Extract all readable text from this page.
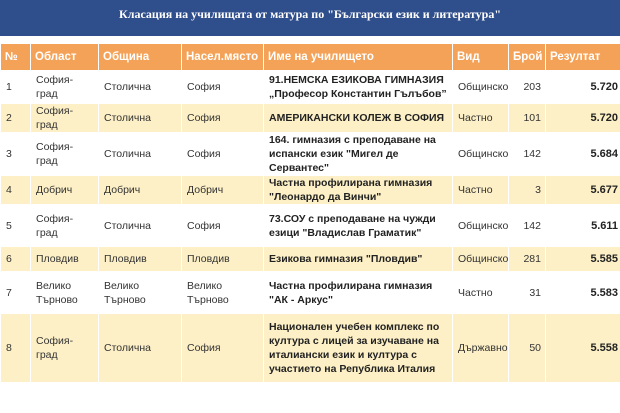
Класация на училищата от матура по "Български език и литература"
№	Област	Община	Насел.място	Име на училището	Вид	Брой	Резултат
1	София-град	Столична	София	91.НЕМСКА ЕЗИКОВА ГИМНАЗИЯ „Професор Константин Гълъбов”	Общинско	203	5.720
2	София-град	Столична	София	АМЕРИКАНСКИ КОЛЕЖ В СОФИЯ	Частно	101	5.720
3	София-град	Столична	София	164. гимназия с преподаване на испански език "Мигел де Сервантес"	Общинско	142	5.684
4	Добрич	Добрич	Добрич	Частна профилирана гимназия "Леонардо да Винчи"	Частно	3	5.677
5	София-град	Столична	София	73.СОУ с преподаване на чужди езици "Владислав Граматик"	Общинско	142	5.611
6	Пловдив	Пловдив	Пловдив	Езикова гимназия "Пловдив"	Общинско	281	5.585
7	Велико Търново	Велико Търново	Велико Търново	Частна профилирана гимназия "АК - Аркус"	Частно	31	5.583
8	София-град	Столична	София	Национален учебен комплекс по култура с лицей за изучаване на италиански език и култура с участието на Република Италия	Държавно	50	5.558
